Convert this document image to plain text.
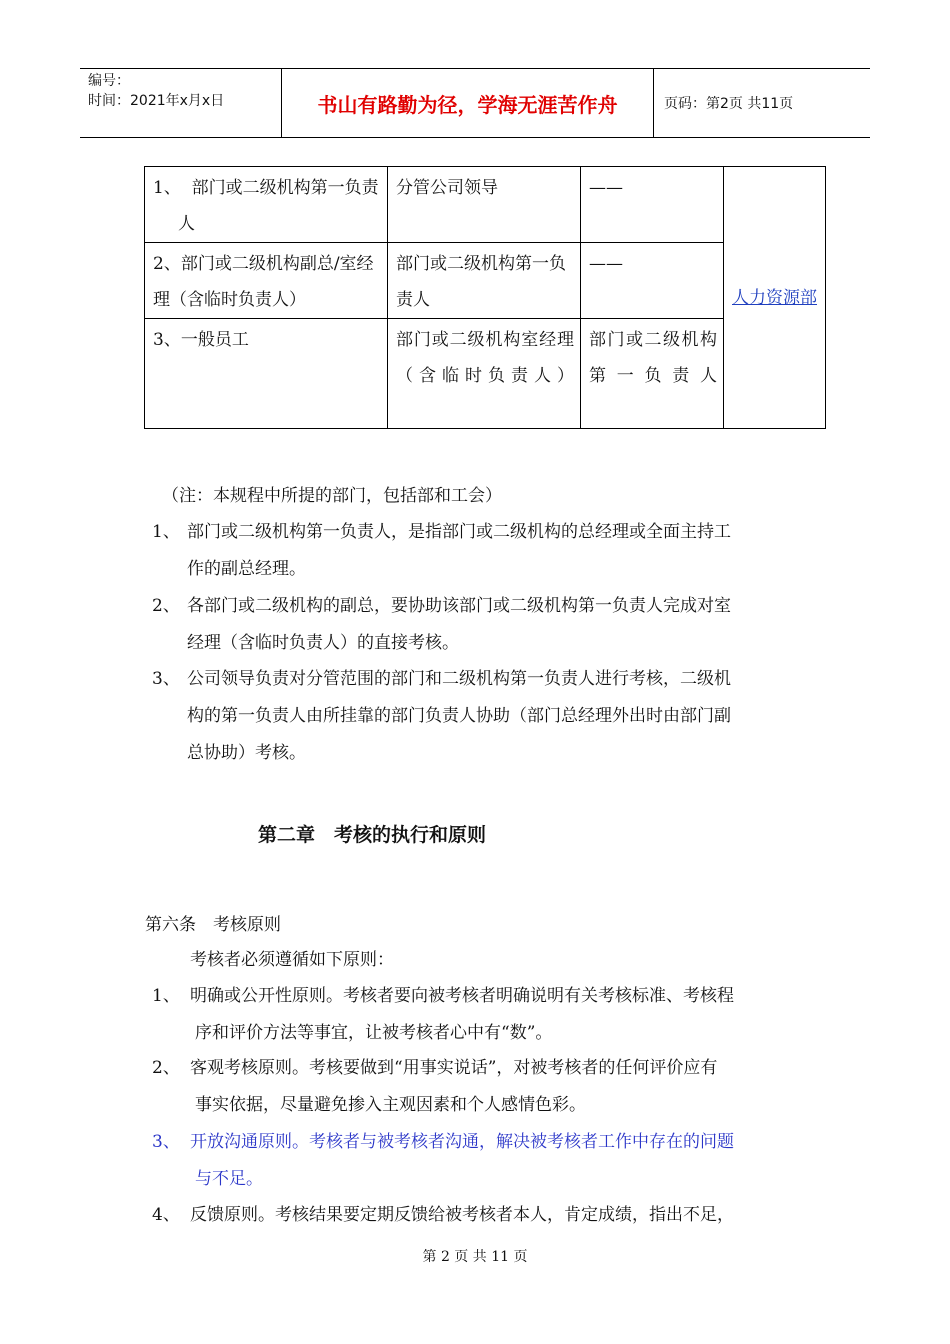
编号：
时间：2021年x月x日	书山有路勤为径，学海无涯苦作舟	页码：第2页 共11页
1、 部门或二级机构第一负责人	分管公司领导	——	人力资源部
2、部门或二级机构副总/室经理（含临时负责人）	部门或二级机构第一负责人	——	
3、一般员工	部门或二级机构室经理（含临时负责人）	部门或二级机构第一负责人	
（注：本规程中所提的部门，包括部和工会）
1、 部门或二级机构第一负责人，是指部门或二级机构的总经理或全面主持工
作的副总经理。
2、 各部门或二级机构的副总，要协助该部门或二级机构第一负责人完成对室
经理（含临时负责人）的直接考核。
3、 公司领导负责对分管范围的部门和二级机构第一负责人进行考核，二级机
构的第一负责人由所挂靠的部门负责人协助（部门总经理外出时由部门副
总协助）考核。
第二章　考核的执行和原则
第六条　考核原则
考核者必须遵循如下原则：
1、 明确或公开性原则。考核者要向被考核者明确说明有关考核标准、考核程
序和评价方法等事宜，让被考核者心中有“数”。
2、 客观考核原则。考核要做到“用事实说话”，对被考核者的任何评价应有
事实依据，尽量避免掺入主观因素和个人感情色彩。
3、 开放沟通原则。考核者与被考核者沟通，解决被考核者工作中存在的问题
与不足。
4、 反馈原则。考核结果要定期反馈给被考核者本人，肯定成绩，指出不足，
第 2 页 共 11 页
